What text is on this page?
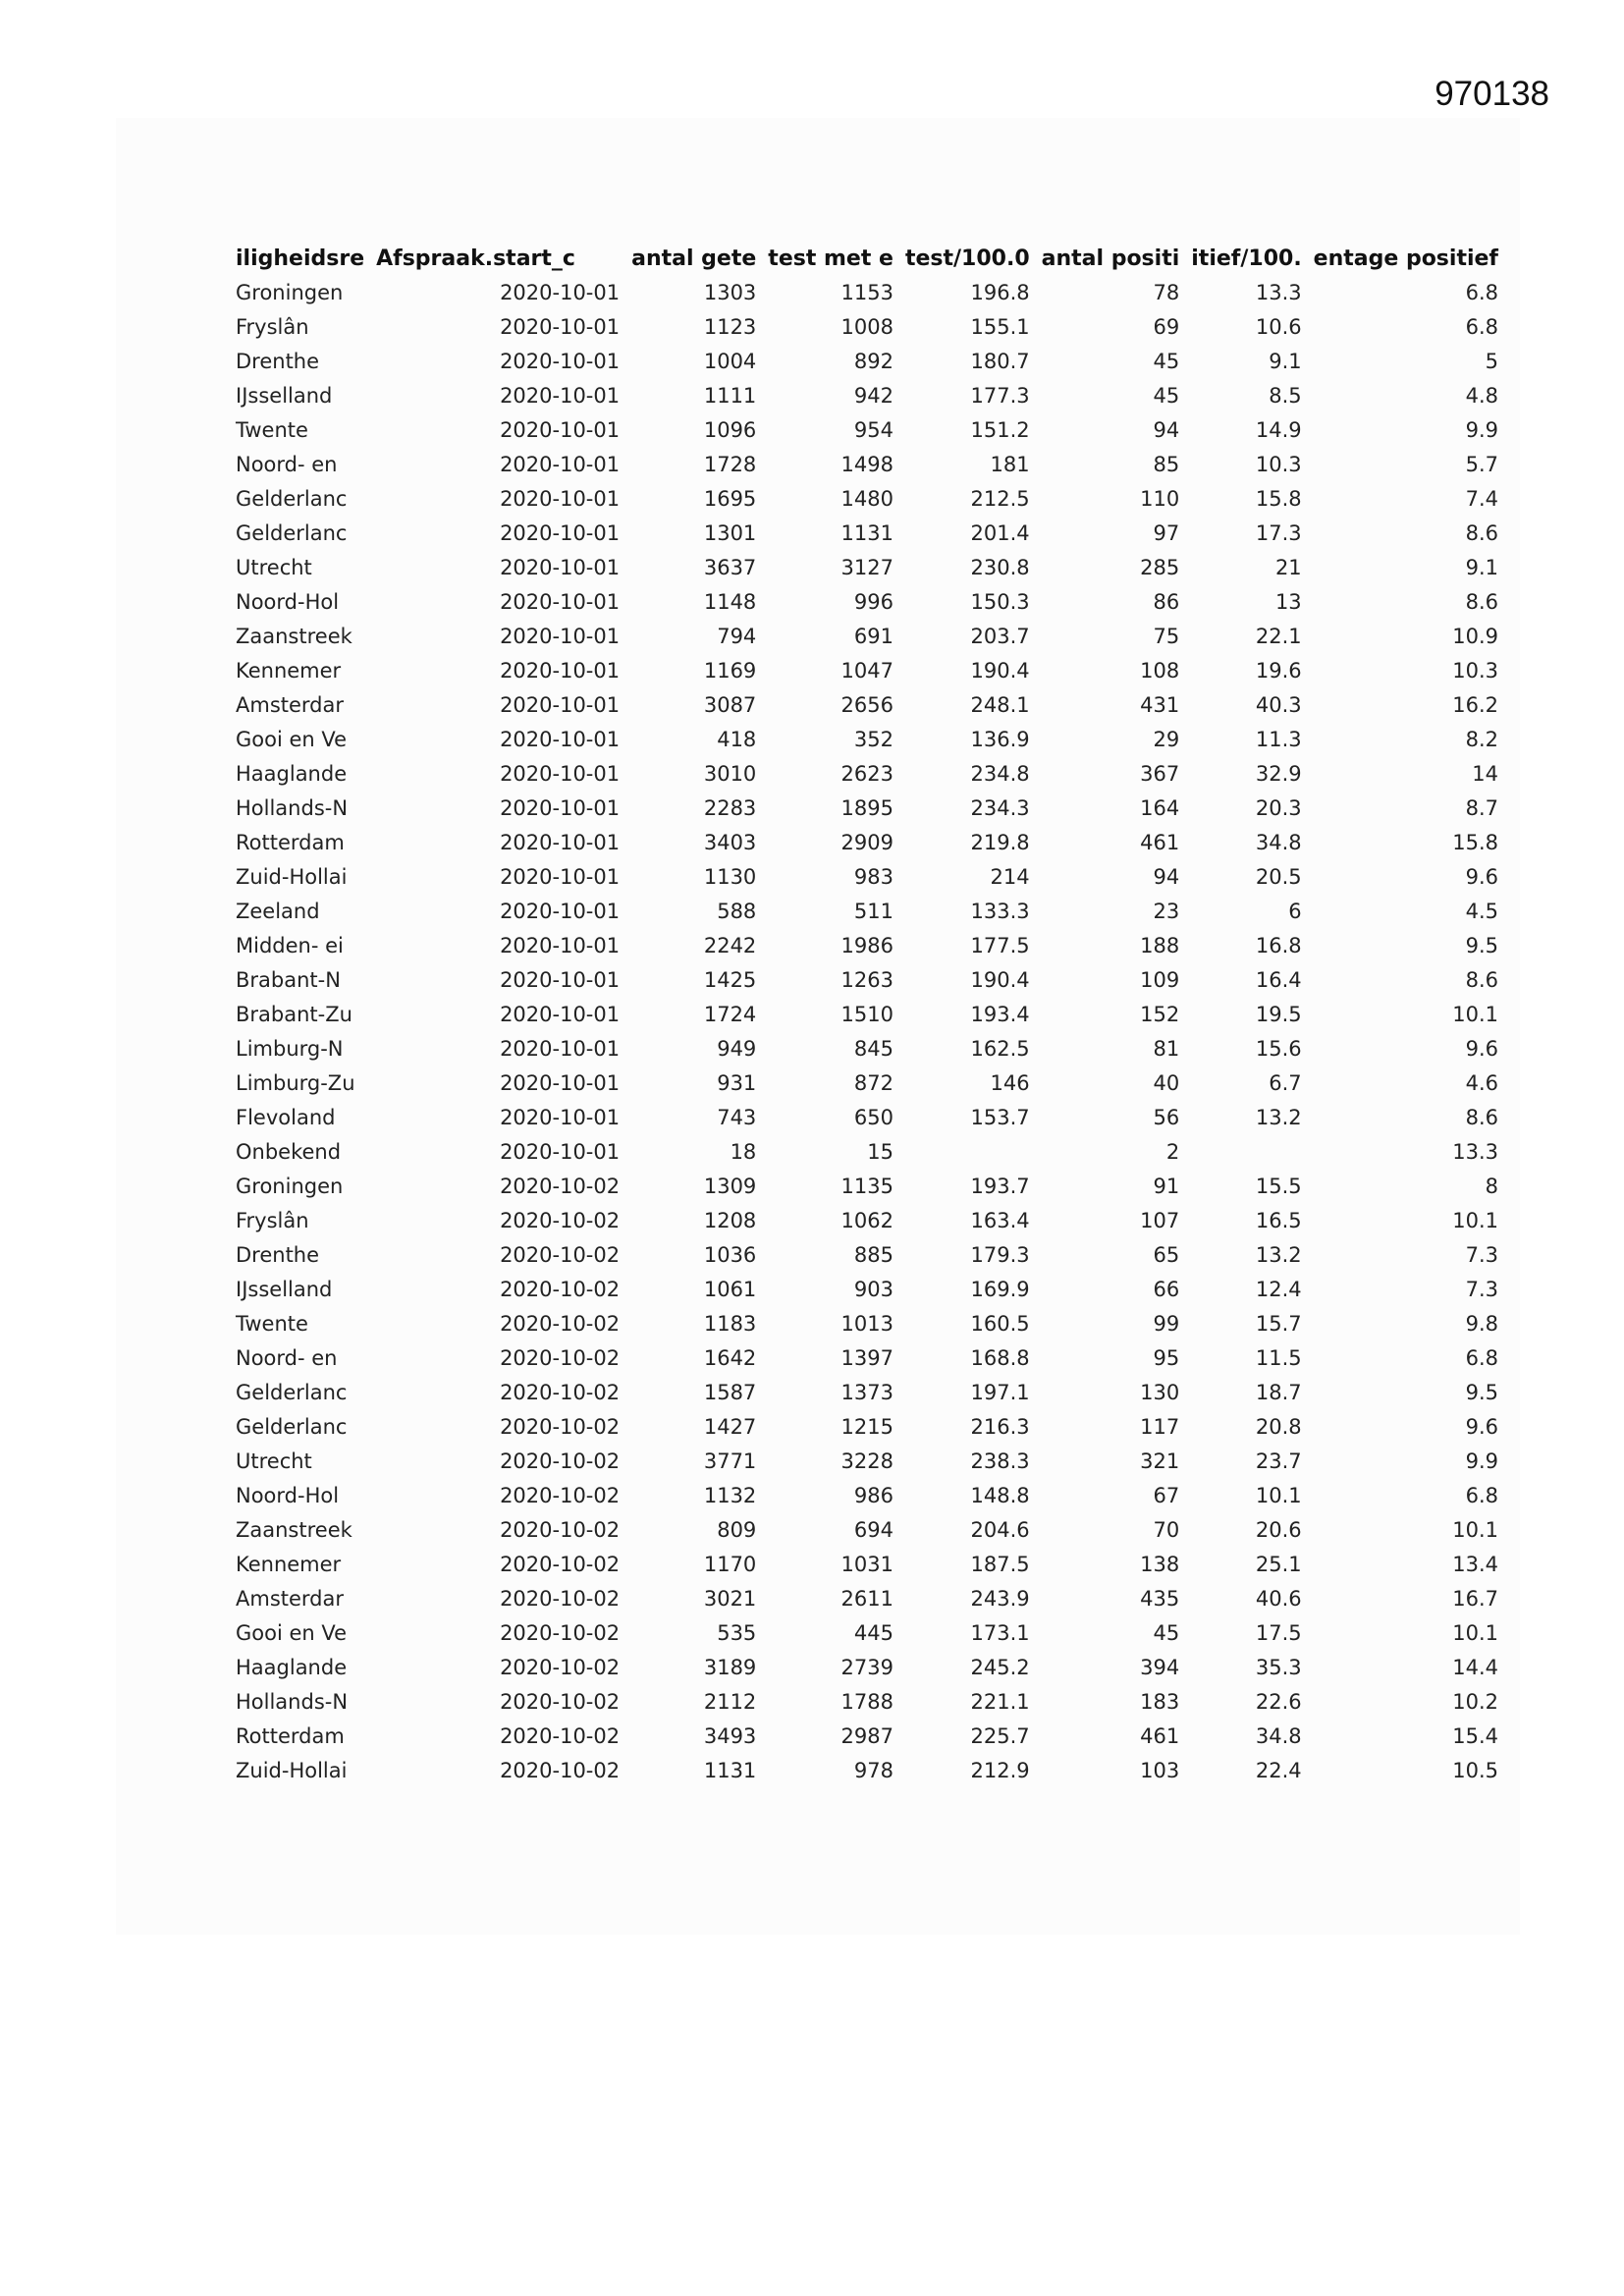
970138
iligheidsre	Afspraak.start_c	antal gete	test met e	test/100.0	antal positi	itief/100.	entage positief
Groningen	2020-10-01	1303	1153	196.8	78	13.3	6.8
Fryslân	2020-10-01	1123	1008	155.1	69	10.6	6.8
Drenthe	2020-10-01	1004	892	180.7	45	9.1	5
IJsselland	2020-10-01	1111	942	177.3	45	8.5	4.8
Twente	2020-10-01	1096	954	151.2	94	14.9	9.9
Noord- en	2020-10-01	1728	1498	181	85	10.3	5.7
Gelderlanc	2020-10-01	1695	1480	212.5	110	15.8	7.4
Gelderlanc	2020-10-01	1301	1131	201.4	97	17.3	8.6
Utrecht	2020-10-01	3637	3127	230.8	285	21	9.1
Noord-Hol	2020-10-01	1148	996	150.3	86	13	8.6
Zaanstreek	2020-10-01	794	691	203.7	75	22.1	10.9
Kennemer	2020-10-01	1169	1047	190.4	108	19.6	10.3
Amsterdar	2020-10-01	3087	2656	248.1	431	40.3	16.2
Gooi en Ve	2020-10-01	418	352	136.9	29	11.3	8.2
Haaglande	2020-10-01	3010	2623	234.8	367	32.9	14
Hollands-N	2020-10-01	2283	1895	234.3	164	20.3	8.7
Rotterdam	2020-10-01	3403	2909	219.8	461	34.8	15.8
Zuid-Hollai	2020-10-01	1130	983	214	94	20.5	9.6
Zeeland	2020-10-01	588	511	133.3	23	6	4.5
Midden- ei	2020-10-01	2242	1986	177.5	188	16.8	9.5
Brabant-N	2020-10-01	1425	1263	190.4	109	16.4	8.6
Brabant-Zu	2020-10-01	1724	1510	193.4	152	19.5	10.1
Limburg-N	2020-10-01	949	845	162.5	81	15.6	9.6
Limburg-Zu	2020-10-01	931	872	146	40	6.7	4.6
Flevoland	2020-10-01	743	650	153.7	56	13.2	8.6
Onbekend	2020-10-01	18	15		2		13.3
Groningen	2020-10-02	1309	1135	193.7	91	15.5	8
Fryslân	2020-10-02	1208	1062	163.4	107	16.5	10.1
Drenthe	2020-10-02	1036	885	179.3	65	13.2	7.3
IJsselland	2020-10-02	1061	903	169.9	66	12.4	7.3
Twente	2020-10-02	1183	1013	160.5	99	15.7	9.8
Noord- en	2020-10-02	1642	1397	168.8	95	11.5	6.8
Gelderlanc	2020-10-02	1587	1373	197.1	130	18.7	9.5
Gelderlanc	2020-10-02	1427	1215	216.3	117	20.8	9.6
Utrecht	2020-10-02	3771	3228	238.3	321	23.7	9.9
Noord-Hol	2020-10-02	1132	986	148.8	67	10.1	6.8
Zaanstreek	2020-10-02	809	694	204.6	70	20.6	10.1
Kennemer	2020-10-02	1170	1031	187.5	138	25.1	13.4
Amsterdar	2020-10-02	3021	2611	243.9	435	40.6	16.7
Gooi en Ve	2020-10-02	535	445	173.1	45	17.5	10.1
Haaglande	2020-10-02	3189	2739	245.2	394	35.3	14.4
Hollands-N	2020-10-02	2112	1788	221.1	183	22.6	10.2
Rotterdam	2020-10-02	3493	2987	225.7	461	34.8	15.4
Zuid-Hollai	2020-10-02	1131	978	212.9	103	22.4	10.5
